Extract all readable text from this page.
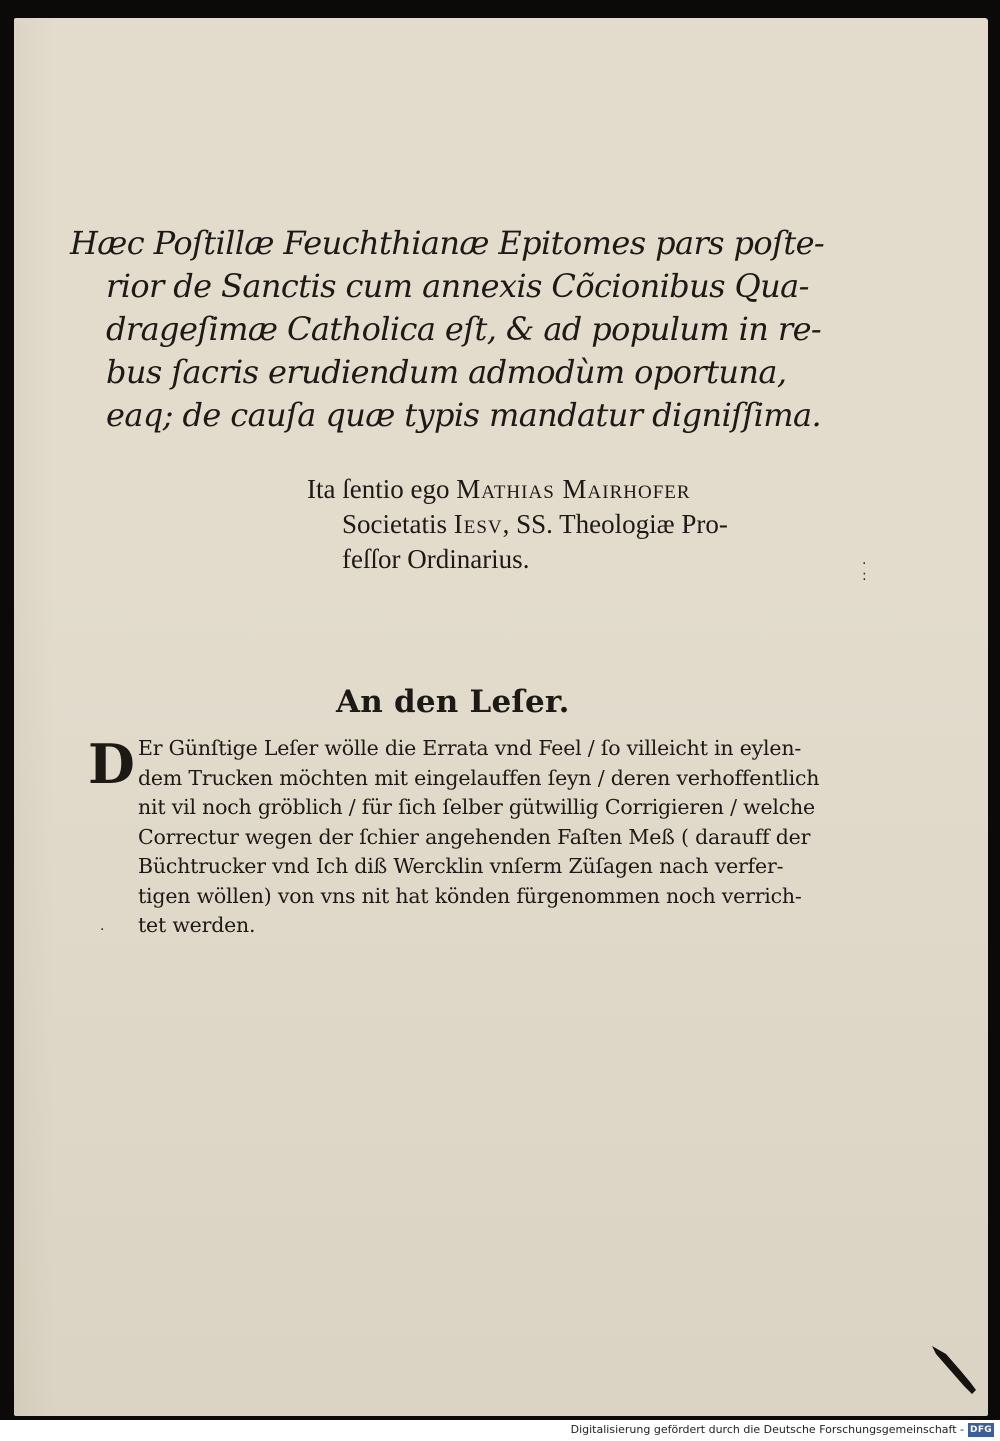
Hæc Poſtillæ Feuchthianæ Epitomes pars poſte-
rior de Sanctis cum annexis Cõcionibus Qua-
drageſimæ Catholica eſt, & ad populum in re-
bus ſacris erudiendum admodùm oportuna,
eaq; de cauſa quæ typis mandatur digniſſima.
Ita ſentio ego Mathias Mairhofer
Societatis Iesv, SS. Theologiæ Pro-
feſſor Ordinarius.	·
:
An den Leſer.
D Er Günſtige Leſer wölle die Errata vnd Feel / ſo villeicht in eylen-
dem Trucken möchten mit eingelauffen ſeyn / deren verhoffentlich
nit vil noch gröblich / für ſich ſelber gütwillig Corrigieren / welche
Correctur wegen der ſchier angehenden Faſten Meß ( darauff der
Büchtrucker vnd Ich diß Wercklin vnſerm Züſagen nach verfer-
tigen wöllen) von vns nit hat könden fürgenommen noch verrich-
tet werden.
·
Digitalisierung gefördert durch die Deutsche Forschungsgemeinschaft - DFG
